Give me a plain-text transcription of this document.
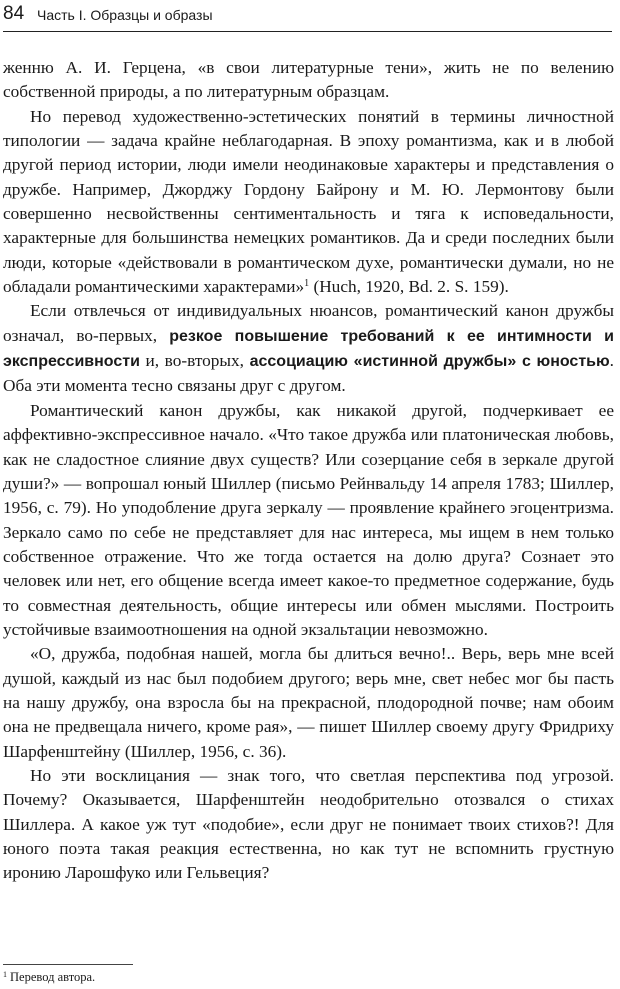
84 Часть I. Образцы и образы

женню А. И. Герцена, «в свои литературные тени», жить не по велению собственной природы, а по литературным образцам.

Но перевод художественно-эстетических понятий в термины личностной типологии — задача крайне неблагодарная. В эпоху романтизма, как и в любой другой период истории, люди имели неодинаковые характеры и представления о дружбе. Например, Джорджу Гордону Байрону и М. Ю. Лермонтову были совершенно несвойственны сентиментальность и тяга к исповедальности, характерные для большинства немецких романтиков. Да и среди последних были люди, которые «действовали в романтическом духе, романтически думали, но не обладали романтическими характерами»$^1$ (Huch, 1920, Bd. 2. S. 159).

Если отвлечься от индивидуальных нюансов, романтический канон дружбы означал, во-первых, резкое повышение требований к ее интимности и экспрессивности и, во-вторых, ассоциацию «истинной дружбы» с юностью. Оба эти момента тесно связаны друг с другом.

Романтический канон дружбы, как никакой другой, подчеркивает ее аффективно-экспрессивное начало. «Что такое дружба или платоническая любовь, как не сладостное слияние двух существ? Или созерцание себя в зеркале другой души?» — вопрошал юный Шиллер (письмо Рейнвальду 14 апреля 1783; Шиллер, 1956, с. 79). Но уподобление друга зеркалу — проявление крайнего эгоцентризма. Зеркало само по себе не представляет для нас интереса, мы ищем в нем только собственное отражение. Что же тогда остается на долю друга? Сознает это человек или нет, его общение всегда имеет какое-то предметное содержание, будь то совместная деятельность, общие интересы или обмен мыслями. Построить устойчивые взаимоотношения на одной экзальтации невозможно.

«О, дружба, подобная нашей, могла бы длиться вечно!.. Верь, верь мне всей душой, каждый из нас был подобием другого; верь мне, свет небес мог бы пасть на нашу дружбу, она взросла бы на прекрасной, плодородной почве; нам обоим она не предвещала ничего, кроме рая», — пишет Шиллер своему другу Фридриху Шарфенштейну (Шиллер, 1956, с. 36).

Но эти восклицания — знак того, что светлая перспектива под угрозой. Почему? Оказывается, Шарфенштейн неодобрительно отозвался о стихах Шиллера. А какое уж тут «подобие», если друг не понимает твоих стихов?! Для юного поэта такая реакция естественна, но как тут не вспомнить грустную иронию Ларошфуко или Гельвеция?

$^1$ Перевод автора.
